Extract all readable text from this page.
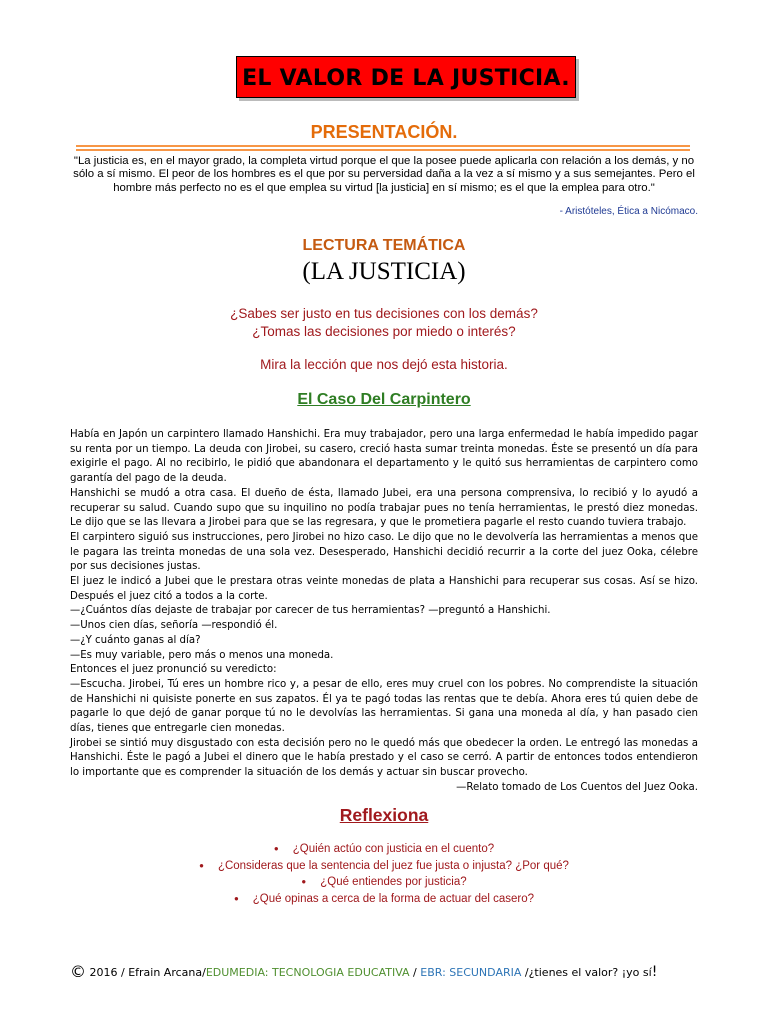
EL VALOR DE LA JUSTICIA.
PRESENTACIÓN.
"La justicia es, en el mayor grado, la completa virtud porque el que la posee puede aplicarla con relación a los demás, y no sólo a sí mismo. El peor de los hombres es el que por su perversidad daña a la vez a sí mismo y a sus semejantes. Pero el hombre más perfecto no es el que emplea su virtud [la justicia] en sí mismo; es el que la emplea para otro."
- Aristóteles, Ética a Nicómaco.
LECTURA TEMÁTICA
(LA JUSTICIA)
¿Sabes ser justo en tus decisiones con los demás?
¿Tomas las decisiones por miedo o interés?
Mira la lección que nos dejó esta historia.
El Caso Del Carpintero

Había en Japón un carpintero llamado Hanshichi. Era muy trabajador, pero una larga enfermedad le había impedido pagar su renta por un tiempo. La deuda con Jirobei, su casero, creció hasta sumar treinta monedas. Éste se presentó un día para exigirle el pago. Al no recibirlo, le pidió que abandonara el departamento y le quitó sus herramientas de carpintero como garantía del pago de la deuda.

Hanshichi se mudó a otra casa. El dueño de ésta, llamado Jubei, era una persona comprensiva, lo recibió y lo ayudó a recuperar su salud. Cuando supo que su inquilino no podía trabajar pues no tenía herramientas, le prestó diez monedas. Le dijo que se las llevara a Jirobei para que se las regresara, y que le prometiera pagarle el resto cuando tuviera trabajo.

El carpintero siguió sus instrucciones, pero Jirobei no hizo caso. Le dijo que no le devolvería las herramientas a menos que le pagara las treinta monedas de una sola vez. Desesperado, Hanshichi decidió recurrir a la corte del juez Ooka, célebre por sus decisiones justas.

El juez le indicó a Jubei que le prestara otras veinte monedas de plata a Hanshichi para recuperar sus cosas. Así se hizo. Después el juez citó a todos a la corte.

—¿Cuántos días dejaste de trabajar por carecer de tus herramientas? —preguntó a Hanshichi.

—Unos cien días, señoría —respondió él.

—¿Y cuánto ganas al día?

—Es muy variable, pero más o menos una moneda.

Entonces el juez pronunció su veredicto:

—Escucha. Jirobei, Tú eres un hombre rico y, a pesar de ello, eres muy cruel con los pobres. No comprendiste la situación de Hanshichi ni quisiste ponerte en sus zapatos. Él ya te pagó todas las rentas que te debía. Ahora eres tú quien debe de pagarle lo que dejó de ganar porque tú no le devolvías las herramientas. Si gana una moneda al día, y han pasado cien días, tienes que entregarle cien monedas.

Jirobei se sintió muy disgustado con esta decisión pero no le quedó más que obedecer la orden. Le entregó las monedas a Hanshichi. Éste le pagó a Jubei el dinero que le había prestado y el caso se cerró. A partir de entonces todos entendieron lo importante que es comprender la situación de los demás y actuar sin buscar provecho.

—Relato tomado de Los Cuentos del Juez Ooka.

Reflexiona
● ¿Quién actúo con justicia en el cuento?
● ¿Consideras que la sentencia del juez fue justa o injusta? ¿Por qué?
● ¿Qué entiendes por justicia?
● ¿Qué opinas a cerca de la forma de actuar del casero?
© 2016 / Efrain Arcana/EDUMEDIA: TECNOLOGIA EDUCATIVA / EBR: SECUNDARIA /¿tienes el valor? ¡yo sí!
